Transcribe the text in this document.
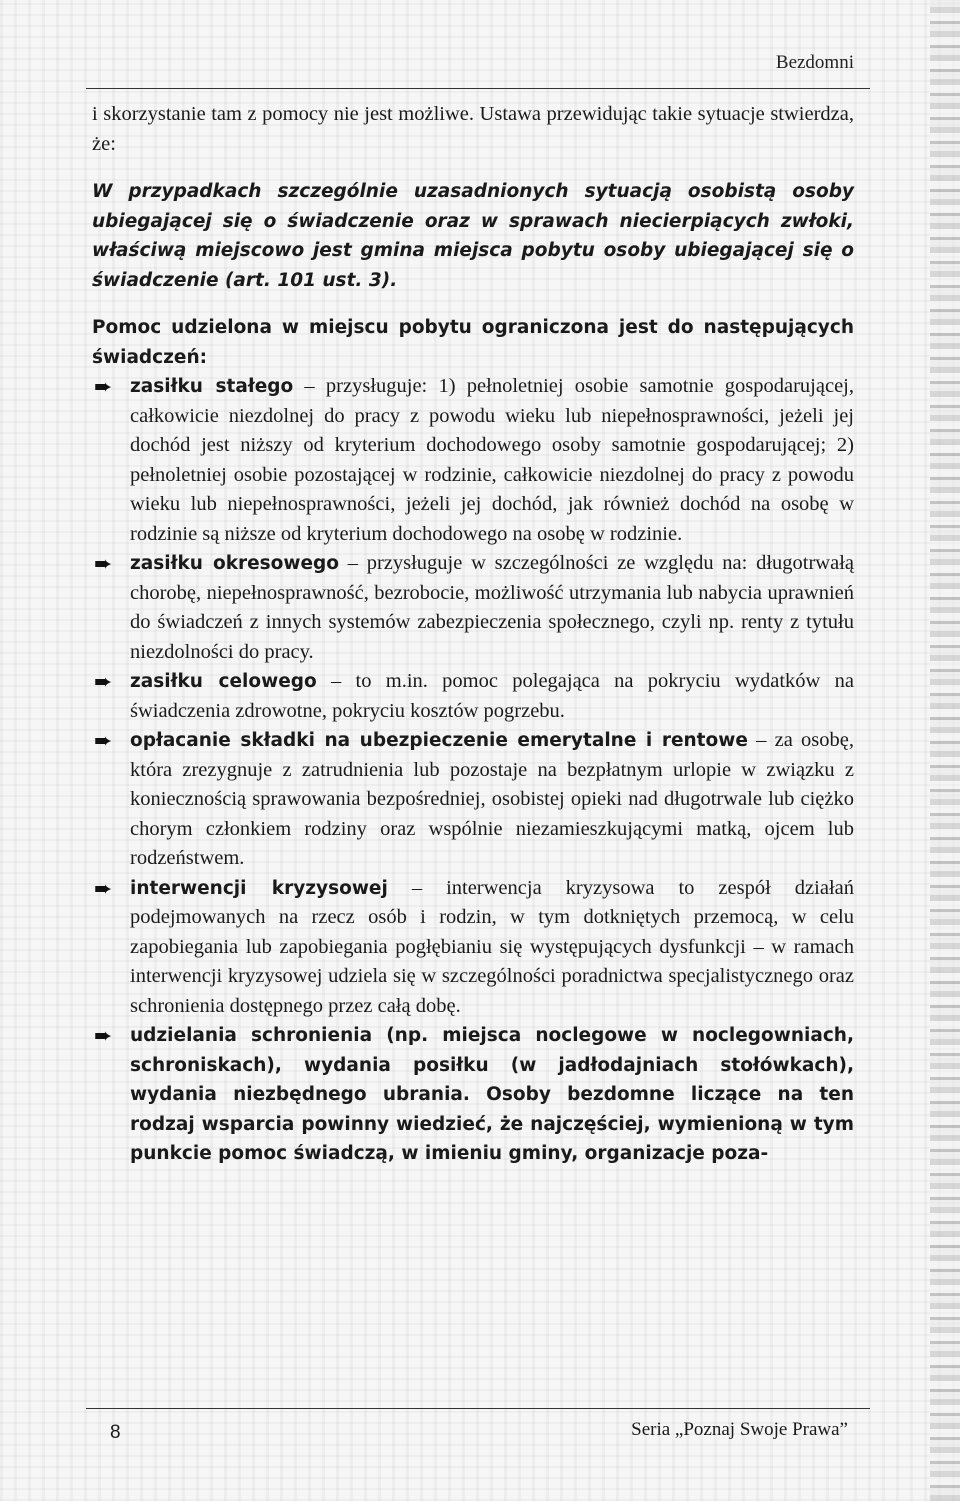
Bezdomni

i skorzystanie tam z pomocy nie jest możliwe. Ustawa przewidując takie sytuacje stwierdza, że:

W przypadkach szczególnie uzasadnionych sytuacją osobistą osoby ubiegającej się o świadczenie oraz w sprawach niecierpiących zwłoki, właściwą miejscowo jest gmina miejsca pobytu osoby ubiegającej się o świadczenie (art. 101 ust. 3).

Pomoc udzielona w miejscu pobytu ograniczona jest do następujących świadczeń:

➨ zasiłku stałego – przysługuje: 1) pełnoletniej osobie samotnie gospodarującej, całkowicie niezdolnej do pracy z powodu wieku lub niepełnosprawności, jeżeli jej dochód jest niższy od kryterium dochodowego osoby samotnie gospodarującej; 2) pełnoletniej osobie pozostającej w rodzinie, całkowicie niezdolnej do pracy z powodu wieku lub niepełnosprawności, jeżeli jej dochód, jak również dochód na osobę w rodzinie są niższe od kryterium dochodowego na osobę w rodzinie.
➨ zasiłku okresowego – przysługuje w szczególności ze względu na: długotrwałą chorobę, niepełnosprawność, bezrobocie, możliwość utrzymania lub nabycia uprawnień do świadczeń z innych systemów zabezpieczenia społecznego, czyli np. renty z tytułu niezdolności do pracy.
➨ zasiłku celowego – to m.in. pomoc polegająca na pokryciu wydatków na świadczenia zdrowotne, pokryciu kosztów pogrzebu.
➨ opłacanie składki na ubezpieczenie emerytalne i rentowe – za osobę, która zrezygnuje z zatrudnienia lub pozostaje na bezpłatnym urlopie w związku z koniecznością sprawowania bezpośredniej, osobistej opieki nad długotrwale lub ciężko chorym członkiem rodziny oraz wspólnie niezamieszkującymi matką, ojcem lub rodzeństwem.
➨ interwencji kryzysowej – interwencja kryzysowa to zespół działań podejmowanych na rzecz osób i rodzin, w tym dotkniętych przemocą, w celu zapobiegania lub zapobiegania pogłębianiu się występujących dysfunkcji – w ramach interwencji kryzysowej udziela się w szczególności poradnictwa specjalistycznego oraz schronienia dostępnego przez całą dobę.
➨ udzielania schronienia (np. miejsca noclegowe w noclegowniach, schroniskach), wydania posiłku (w jadłodajniach stołówkach), wydania niezbędnego ubrania. Osoby bezdomne liczące na ten rodzaj wsparcia powinny wiedzieć, że najczęściej, wymienioną w tym punkcie pomoc świadczą, w imieniu gminy, organizacje poza-
8	Seria „Poznaj Swoje Prawa”
